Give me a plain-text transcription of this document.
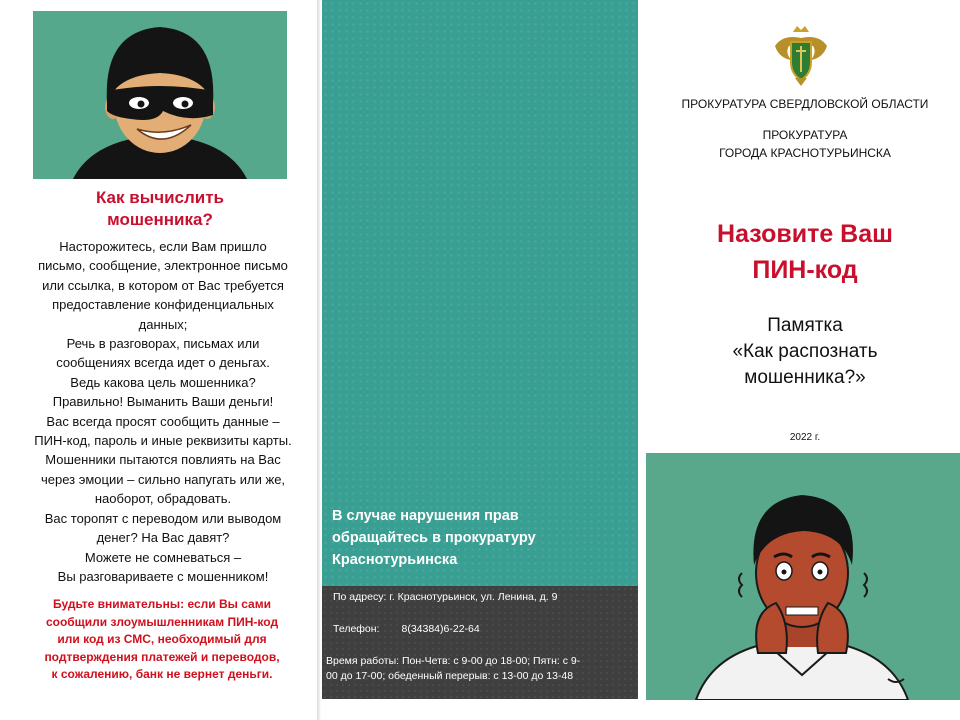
Как вычислить
мошенника?

Насторожитесь, если Вам пришло

письмо, сообщение, электронное письмо

или ссылка, в котором от Вас требуется

предоставление конфиденциальных

данных;

Речь в разговорах, письмах или

сообщениях всегда идет о деньгах.

Ведь какова цель мошенника?

Правильно! Выманить Ваши деньги!

Вас всегда просят сообщить данные –

ПИН-код, пароль и иные реквизиты карты.

Мошенники пытаются повлиять на Вас

через эмоции – сильно напугать или же,

наоборот, обрадовать.

Вас торопят с переводом или выводом

денег? На Вас давят?

Можете не сомневаться –

Вы разговариваете с мошенником!

Будьте внимательны: если Вы сами
сообщили злоумышленникам ПИН-код
или код из СМС, необходимый для
подтверждения платежей и переводов,
к сожалению, банк не вернет деньги.
В случае нарушения прав
обращайтесь в прокуратуру
Краснотурьинска
По адресу: г. Краснотурьинск, ул. Ленина, д. 9
Телефон: 8(34384)6-22-64
Время работы: Пон-Четв: с 9-00 до 18-00; Пятн: с 9-
00 до 17-00; обеденный перерыв: с 13-00 до 13-48
ПРОКУРАТУРА СВЕРДЛОВСКОЙ ОБЛАСТИ
ПРОКУРАТУРА
ГОРОДА КРАСНОТУРЬИНСКА
Назовите Ваш
ПИН-код
Памятка
«Как распознать
мошенника?»
2022 г.
